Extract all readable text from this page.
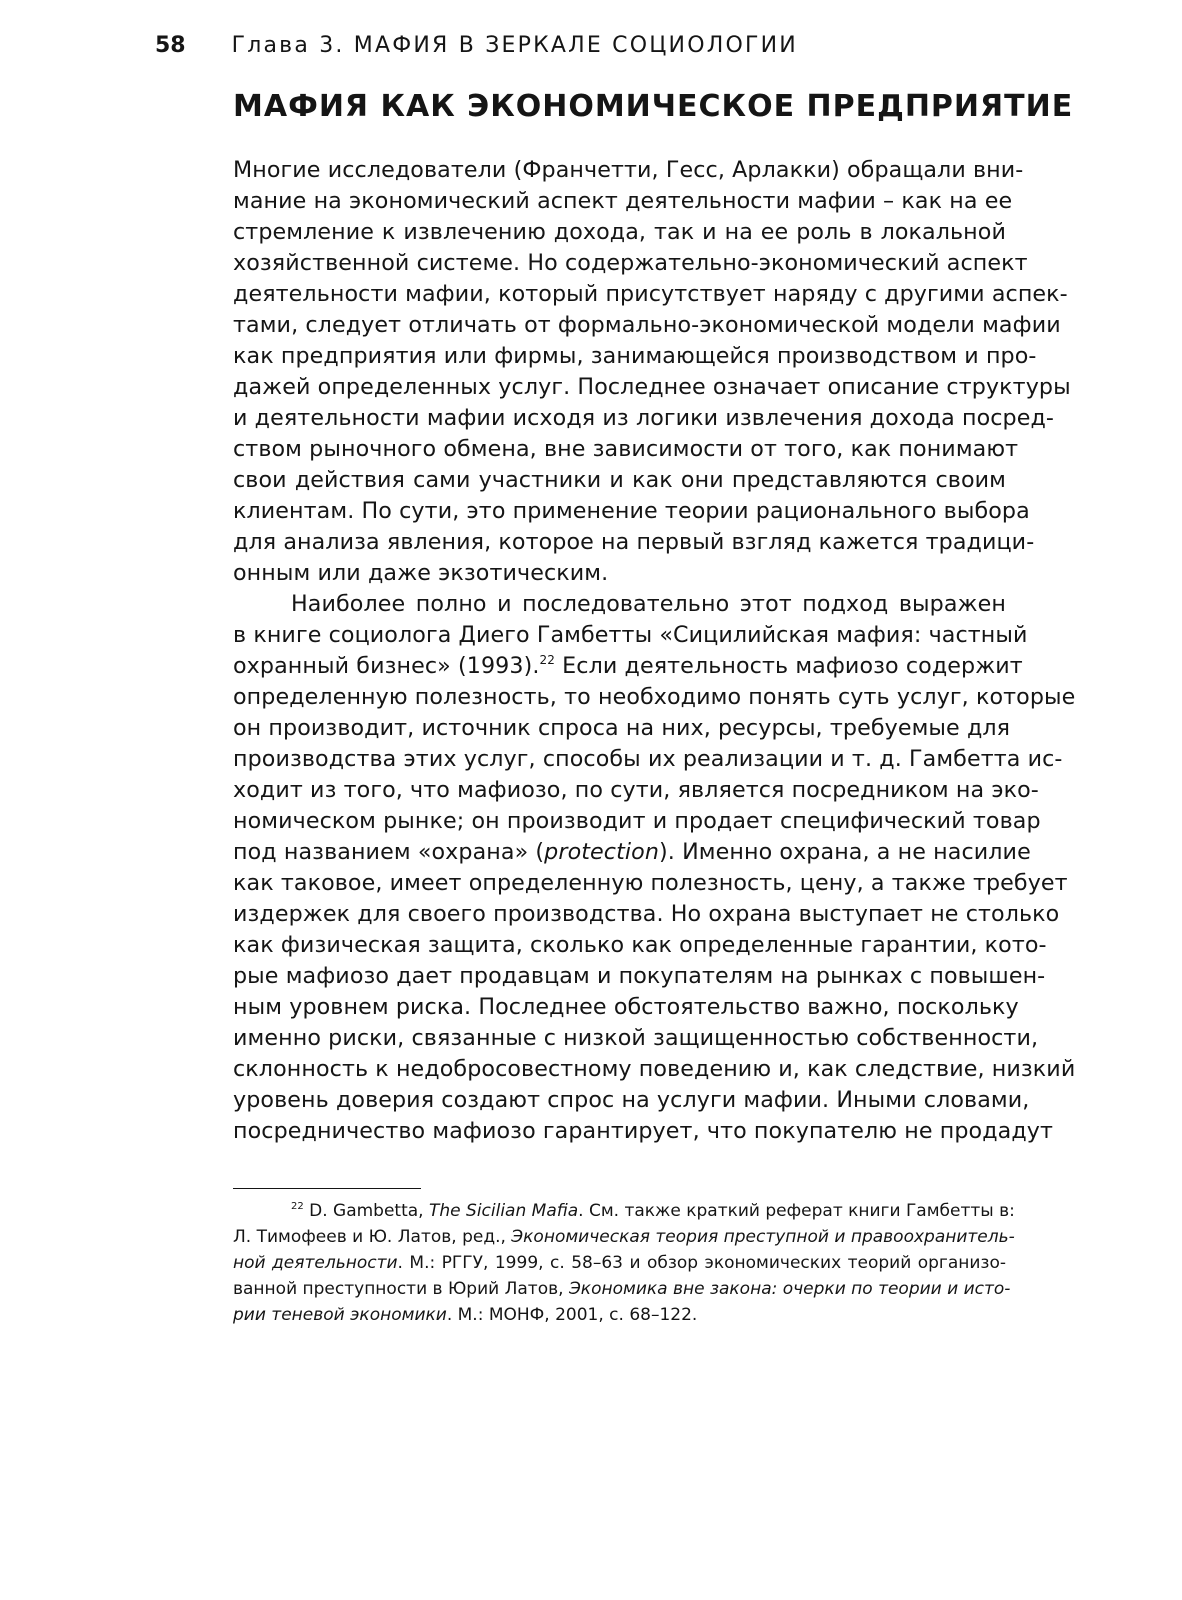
58 Глава 3. МАФИЯ В ЗЕРКАЛЕ СОЦИОЛОГИИ
МАФИЯ КАК ЭКОНОМИЧЕСКОЕ ПРЕДПРИЯТИЕ
Многие исследователи (Франчетти, Гесс, Арлакки) обращали вни-
мание на экономический аспект деятельности мафии – как на ее
стремление к извлечению дохода, так и на ее роль в локальной
хозяйственной системе. Но содержательно-экономический аспект
деятельности мафии, который присутствует наряду с другими аспек-
тами, следует отличать от формально-экономической модели мафии
как предприятия или фирмы, занимающейся производством и про-
дажей определенных услуг. Последнее означает описание структуры
и деятельности мафии исходя из логики извлечения дохода посред-
ством рыночного обмена, вне зависимости от того, как понимают
свои действия сами участники и как они представляются своим
клиентам. По сути, это применение теории рационального выбора
для анализа явления, которое на первый взгляд кажется традици-
онным или даже экзотическим.
Наиболее полно и последовательно этот подход выражен
в книге социолога Диего Гамбетты «Сицилийская мафия: частный
охранный бизнес» (1993).$^{22}$ Если деятельность мафиозо содержит
определенную полезность, то необходимо понять суть услуг, которые
он производит, источник спроса на них, ресурсы, требуемые для
производства этих услуг, способы их реализации и т. д. Гамбетта ис-
ходит из того, что мафиозо, по сути, является посредником на эко-
номическом рынке; он производит и продает специфический товар
под названием «охрана» (protection). Именно охрана, а не насилие
как таковое, имеет определенную полезность, цену, а также требует
издержек для своего производства. Но охрана выступает не столько
как физическая защита, сколько как определенные гарантии, кото-
рые мафиозо дает продавцам и покупателям на рынках с повышен-
ным уровнем риска. Последнее обстоятельство важно, поскольку
именно риски, связанные с низкой защищенностью собственности,
склонность к недобросовестному поведению и, как следствие, низкий
уровень доверия создают спрос на услуги мафии. Иными словами,
посредничество мафиозо гарантирует, что покупателю не продадут
$^{22}$ D. Gambetta, The Sicilian Mafia. См. также краткий реферат книги Гамбетты в:
Л. Тимофеев и Ю. Латов, ред., Экономическая теория преступной и правоохранитель-
ной деятельности. М.: РГГУ, 1999, с. 58–63 и обзор экономических теорий организо-
ванной преступности в Юрий Латов, Экономика вне закона: очерки по теории и исто-
рии теневой экономики. М.: МОНФ, 2001, с. 68–122.
